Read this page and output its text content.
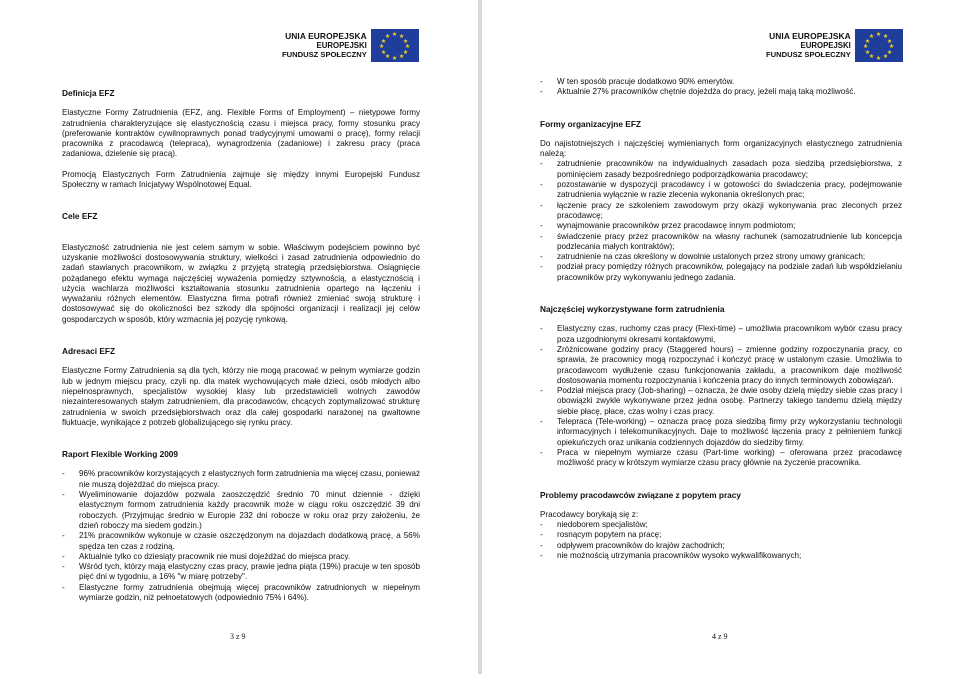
UNIA EUROPEJSKA
EUROPEJSKI
FUNDUSZ SPOŁECZNY
★ ★
★
★
★
★
★
★
★
★
★
★
Definicja EFZ

Elastyczne Formy Zatrudnienia (EFZ, ang. Flexible Forms of Employment) – nietypowe formy zatrudnienia charakteryzujące się elastycznością czasu i miejsca pracy, formy stosunku pracy (preferowanie kontraktów cywilnoprawnych ponad tradycyjnymi umowami o pracę), formy relacji pracownika z pracodawcą (telepraca), wynagrodzenia (zadaniowe) i zakresu pracy (praca zadaniowa, dzielenie się pracą).

Promocją Elastycznych Form Zatrudnienia zajmuje się między innymi Europejski Fundusz Społeczny w ramach Inicjatywy Wspólnotowej Equal.

Cele EFZ

Elastyczność zatrudnienia nie jest celem samym w sobie. Właściwym podejściem powinno być uzyskanie możliwości dostosowywania struktury, wielkości i zasad zatrudnienia odpowiednio do zadań stawianych pracownikom, w związku z przyjętą strategią przedsiębiorstwa. Osiągnięcie pożądanego efektu wymaga najczęściej wyważenia pomiędzy sztywnością, a elastycznością i użycia wachlarza możliwości kształtowania stosunku zatrudnienia opartego na łączeniu i wyważaniu różnych elementów. Elastyczna firma potrafi również zmieniać swoją strukturę i dostosowywać się do okoliczności bez szkody dla spójności organizacji i realizacji jej celów gospodarczych w sposób, który wzmacnia jej pozycję rynkową.

Adresaci EFZ

Elastyczne Formy Zatrudnienia są dla tych, którzy nie mogą pracować w pełnym wymiarze godzin lub w jednym miejscu pracy, czyli np. dla matek wychowujących małe dzieci, osób młodych albo niepełnosprawnych, specjalistów wysokiej klasy lub przedstawicieli wolnych zawodów niezainteresowanych stałym zatrudnieniem, dla pracodawców, chcących zoptymalizować strukturę zatrudnienia w swoich przedsiębiorstwach oraz dla całej gospodarki narażonej na gwałtowne fluktuacje, wynikające z potrzeb globalizującego się rynku pracy.

Raport Flexible Working 2009
- 96% pracowników korzystających z elastycznych form zatrudnienia ma więcej czasu, ponieważ nie muszą dojeżdżać do miejsca pracy.
- Wyeliminowanie dojazdów pozwala zaoszczędzić średnio 70 minut dziennie - dzięki elastycznym formom zatrudnienia każdy pracownik może w ciągu roku oszczędzić 39 dni roboczych. (Przyjmując średnio w Europie 232 dni robocze w roku oraz przy założeniu, że dzień roboczy ma siedem godzin.)
- 21% pracowników wykonuje w czasie oszczędzonym na dojazdach dodatkową pracę, a 56% spędza ten czas z rodziną.
- Aktualnie tylko co dziesiąty pracownik nie musi dojeżdżać do miejsca pracy.
- Wśród tych, którzy mają elastyczny czas pracy, prawie jedna piąta (19%) pracuje w ten sposób pięć dni w tygodniu, a 16% "w miarę potrzeby".
- Elastyczne formy zatrudnienia obejmują więcej pracowników zatrudnionych w niepełnym wymiarze godzin, niż pełnoetatowych (odpowiednio 75% i 64%).
3 z 9
UNIA EUROPEJSKA
EUROPEJSKI
FUNDUSZ SPOŁECZNY
★ ★
★
★
★
★
★
★
★
★
★
★
- W ten sposób pracuje dodatkowo 90% emerytów.
- Aktualnie 27% pracowników chętnie dojeżdża do pracy, jeżeli mają taką możliwość.
Formy organizacyjne EFZ

Do najistotniejszych i najczęściej wymienianych form organizacyjnych elastycznego zatrudnienia należą:

- zatrudnienie pracowników na indywidualnych zasadach poza siedzibą przedsiębiorstwa, z pominięciem zasady bezpośredniego podporządkowania pracodawcy;
- pozostawanie w dyspozycji pracodawcy i w gotowości do świadczenia pracy, podejmowanie zatrudnienia wyłącznie w razie zlecenia wykonania określonych prac;
- łączenie pracy ze szkoleniem zawodowym przy okazji wykonywania prac zleconych przez pracodawcę;
- wynajmowanie pracowników przez pracodawcę innym podmiotom;
- świadczenie pracy przez pracowników na własny rachunek (samozatrudnienie lub koncepcja podzlecania małych kontraktów);
- zatrudnienie na czas określony w dowolnie ustalonych przez strony umowy granicach;
- podział pracy pomiędzy różnych pracowników, polegający na podziale zadań lub współdzielaniu pracowników przy wykonywaniu jednego zadania.
Najczęściej wykorzystywane form zatrudnienia
- Elastyczny czas, ruchomy czas pracy (Flexi-time) – umożliwia pracownikom wybór czasu pracy poza uzgodnionymi okresami kontaktowymi,
- Zróżnicowane godziny pracy (Staggered hours) – zmienne godziny rozpoczynania pracy, co sprawia, że pracownicy mogą rozpoczynać i kończyć pracę w ustalonym czasie. Umożliwia to pracodawcom wydłużenie czasu funkcjonowania zakładu, a pracownikom daje możliwość dostosowania momentu rozpoczynania i kończenia pracy do innych terminowych zobowiązań.
- Podział miejsca pracy (Job-sharing) – oznacza, że dwie osoby dzielą między siebie czas pracy i obowiązki zwykle wykonywane przez jedna osobę. Partnerzy takiego tandemu dzielą między siebie płacę, płace, czas wolny i czas pracy.
- Telepraca (Tele-working) – oznacza pracę poza siedzibą firmy przy wykorzystaniu technologii informacyjnych i telekomunikacyjnych. Daje to możliwość łączenia pracy z pełnieniem funkcji opiekuńczych oraz unikania codziennych dojazdów do siedziby firmy.
- Praca w niepełnym wymiarze czasu (Part-time working) – oferowana przez pracodawcę możliwość pracy w krótszym wymiarze czasu pracy głównie na życzenie pracownika.
Problemy pracodawców związane z popytem pracy

Pracodawcy borykają się z:

- niedoborem specjalistów;
- rosnącym popytem na pracę;
- odpływem pracowników do krajów zachodnich;
- nie możnością utrzymania pracowników wysoko wykwalifikowanych;
4 z 9
